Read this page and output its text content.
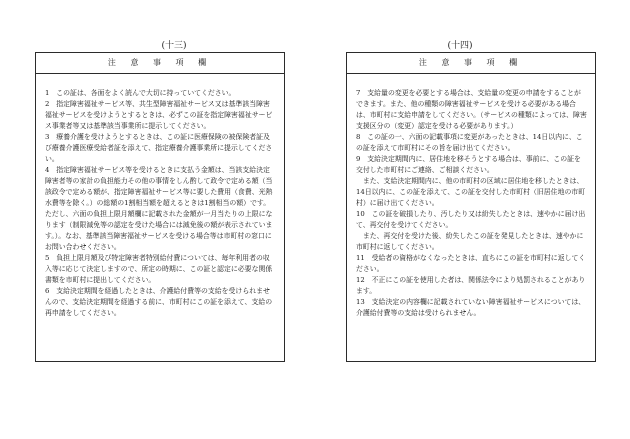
(十三)
注 意 事 項 欄
1　この証は、各面をよく読んで大切に持っていてください。
2　指定障害福祉サービス等、共生型障害福祉サービス又は基準該当障害福祉サービスを受けようとするときは、必ずこの証を指定障害福祉サービス事業者等又は基準該当事業所に提示してください。
3　療養介護を受けようとするときは、この証に医療保険の被保険者証及び療養介護医療受給者証を添えて、指定療養介護事業所に提示してください。
4　指定障害福祉サービス等を受けるときに支払う金額は、当該支給決定障害者等の家計の負担能力その他の事情をしん酌して政令で定める額（当該政令で定める額が、指定障害福祉サービス等に要した費用（食費、光熱水費等を除く。）の総額の1割相当額を超えるときは1割相当の額）です。ただし、六面の負担上限月額欄に記載された金額が一月当たりの上限になります（制限減免等の認定を受けた場合には減免後の額が表示されています。）。なお、基準該当障害福祉サービスを受ける場合等は市町村の窓口にお問い合わせください。
5　負担上限月額及び特定障害者特別給付費については、毎年利用者の収入等に応じて決定しますので、所定の時期に、この証と認定に必要な関係書類を市町村に提出してください。
6　支給決定期間を経過したときは、介護給付費等の支給を受けられませんので、支給決定期間を経過する前に、市町村にこの証を添えて、支給の再申請をしてください。
(十四)
注 意 事 項 欄
7　支給量の変更を必要とする場合は、支給量の変更の申請をすることができます。また、他の種類の障害福祉サービスを受ける必要がある場合は、市町村に支給申請をしてください。（サービスの種類によっては、障害支援区分の（変更）認定を受ける必要があります。）
8　この証の一、六面の記載事項に変更があったときは、14日以内に、この証を添えて市町村にその旨を届け出てください。
9　支給決定期間内に、居住地を移そうとする場合は、事前に、この証を交付した市町村にご連絡、ご相談ください。
　また、支給決定期間内に、他の市町村の区域に居住地を移したときは、14日以内に、この証を添えて、この証を交付した市町村（旧居住地の市町村）に届け出てください。
10　この証を破損したり、汚したり又は紛失したときは、速やかに届け出て、再交付を受けてください。
　また、再交付を受けた後、紛失したこの証を発見したときは、速やかに市町村に返してください。
11　受給者の資格がなくなったときは、直ちにこの証を市町村に返してください。
12　不正にこの証を使用した者は、関係法令により処罰されることがあります。
13　支給決定の内容欄に記載されていない障害福祉サービスについては、介護給付費等の支給は受けられません。
